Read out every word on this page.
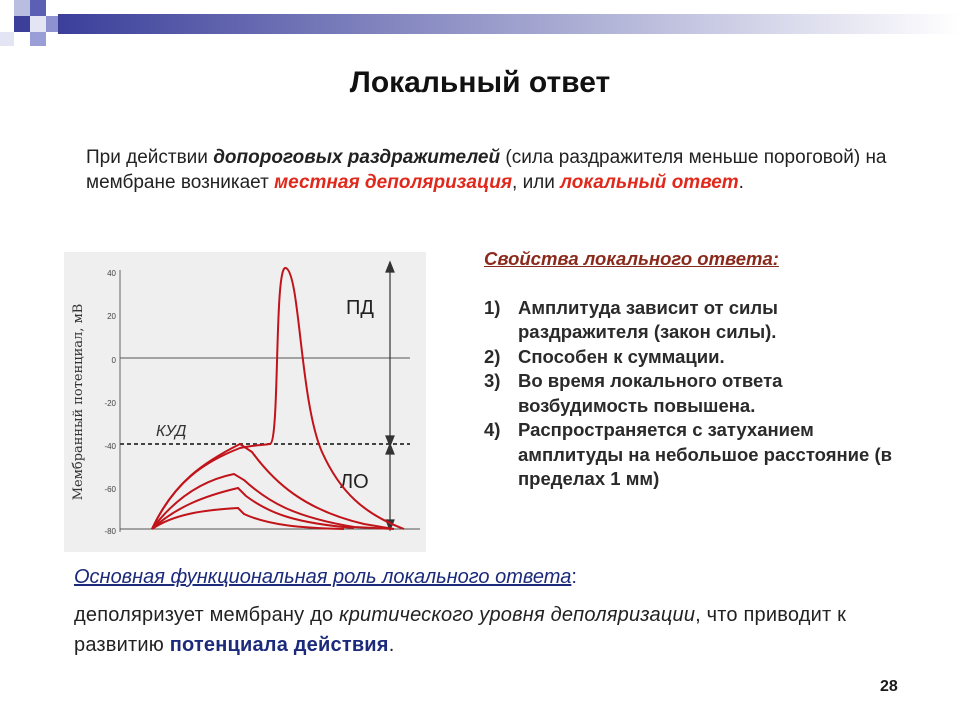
Локальный ответ
При действии допороговых раздражителей (сила раздражителя меньше пороговой) на мембране возникает местная деполяризация, или локальный ответ.
Мембранный потенциал, мВ
40
20
0
-20
-40
-60
-80
КУД
ПД
ЛО
Свойства локального ответа:
1) Амплитуда зависит от силы раздражителя (закон силы).
2) Способен к суммации.
3) Во время локального ответа возбудимость повышена.
4) Распространяется с затуханием амплитуды на небольшое расстояние (в пределах 1 мм)
Основная функциональная роль локального ответа:
деполяризует мембрану до критического уровня деполяризации, что приводит к развитию потенциала действия.
28
